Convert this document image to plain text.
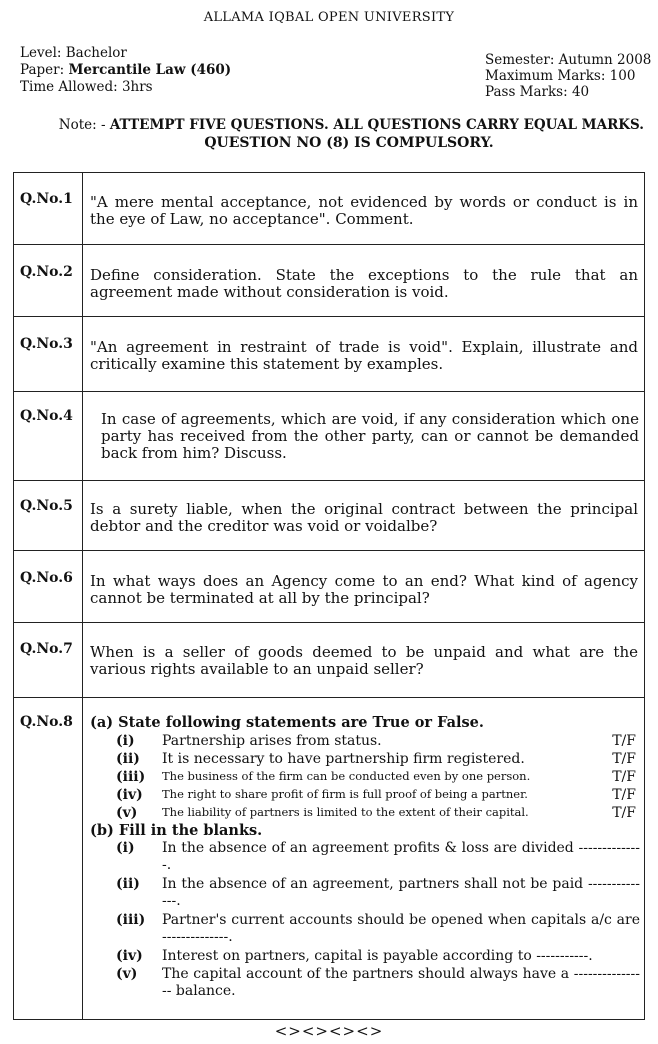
ALLAMA IQBAL OPEN UNIVERSITY
Level: Bachelor
Paper: Mercantile Law (460)
Time Allowed: 3hrs
Semester: Autumn 2008
Maximum Marks: 100
Pass Marks: 40
Note: - ATTEMPT FIVE QUESTIONS. ALL QUESTIONS CARRY EQUAL MARKS.
QUESTION NO (8) IS COMPULSORY.
Q.No.1 "A mere mental acceptance, not evidenced by words or conduct is in the eye of Law, no acceptance". Comment.
Q.No.2 Define consideration. State the exceptions to the rule that an agreement made without consideration is void.
Q.No.3 "An agreement in restraint of trade is void". Explain, illustrate and critically examine this statement by examples.
Q.No.4 In case of agreements, which are void, if any consideration which one party has received from the other party, can or cannot be demanded back from him? Discuss.
Q.No.5 Is a surety liable, when the original contract between the principal debtor and the creditor was void or voidalbe?
Q.No.6 In what ways does an Agency come to an end? What kind of agency cannot be terminated at all by the principal?
Q.No.7 When is a seller of goods deemed to be unpaid and what are the various rights available to an unpaid seller?
Q.No.8 (a) State following statements are True or False.
(i) Partnership arises from status.	T/F
(ii) It is necessary to have partnership firm registered.	T/F
(iii) The business of the firm can be conducted even by one person.	T/F
(iv) The right to share profit of firm is full proof of being a partner.	T/F
(v) The liability of partners is limited to the extent of their capital.	T/F
(b) Fill in the blanks.
(i) In the absence of an agreement profits & loss are divided --------------.
(ii) In the absence of an agreement, partners shall not be paid --------------.
(iii) Partner's current accounts should be opened when capitals a/c are --------------.
(iv) Interest on partners, capital is payable according to -----------.
(v) The capital account of the partners should always have a ---------------- balance.
<><><><>
